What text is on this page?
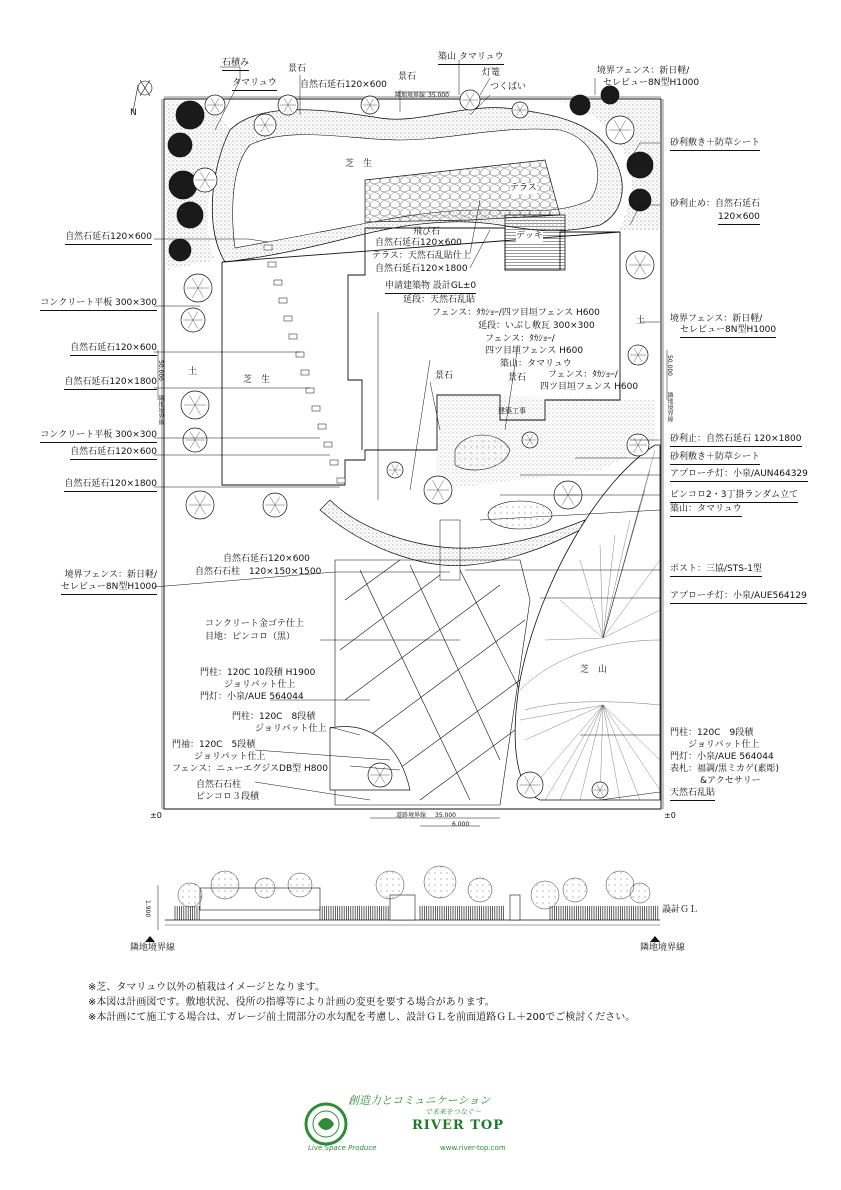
N
石積み
タマリュウ
景石
自然石延石120×600
景石
築山 タマリュウ
灯篭
つくばい
境界フェンス：新日軽/
セレビュー8N型H1000
隣地境界線 35.000
芝　生
テラス
デッキ
飛び石
自然石延石120×600
テラス：天然石乱貼仕上
自然石延石120×1800
申請建築物 設計GL±0
延段：天然石乱貼
フェンス：ﾀｶｼｮｰ/四ツ目垣フェンス H600
延段：いぶし敷瓦 300×300
フェンス：ﾀｶｼｮｰ/
四ツ目垣フェンス H600
景石
築山：タマリュウ
景石 フェンス：ﾀｶｼｮｰ/
四ツ目垣フェンス H600
芝　生
土
土
建築工事
自然石延石120×600
コンクリート平板 300×300
自然石延石120×600
自然石延石120×1800
コンクリート平板 300×300
自然石延石120×600
自然石延石120×1800
境界フェンス：新日軽/
セレビュー8N型H1000
50.000
隣地境界線
50.000
隣地境界線
砂利敷き＋防草シート
砂利止め：自然石延石
120×600
境界フェンス：新日軽/
セレビュー8N型H1000
砂利止：自然石延石 120×1800
砂利敷き＋防草シート
アプローチ灯：小泉/AUN464329
ピンコロ2・3丁掛ランダム立て
築山：タマリュウ
ポスト：三協/STS-1型
アプローチ灯：小泉/AUE564129
自然石延石120×600
自然石石柱　120×150×1500
コンクリート金ゴテ仕上
目地：ピンコロ（黒）
門柱：120C 10段積 H1900
ジョリパット仕上
門灯：小泉/AUE 564044
門柱：120C　8段積
ジョリパット仕上
門袖：120C　5段積
ジョリパット仕上
フェンス：ニューエグジスDB型 H800
自然石石柱
ピンコロ３段積
芝　山
門柱：120C　9段積
ジョリパット仕上
門灯：小泉/AUE 564044
表札：福調/黒ミカゲ(素彫)
&アクセサリー
天然石乱貼
道路境界線 35.000
6.000
±0	±0
1.900	設計ＧＬ
隣地境界線	隣地境界線
※芝、タマリュウ以外の植栽はイメージとなります。
※本図は計画図です。敷地状況、役所の指導等により計画の変更を要する場合があります。
※本計画にて施工する場合は、ガレージ前土間部分の水勾配を考慮し、設計ＧＬを前面道路ＧＬ＋200でご検討ください。
創造力とコミュニケーション
で未来をつなぐ～
RIVER TOP
Live Space Produce	www.river-top.com
